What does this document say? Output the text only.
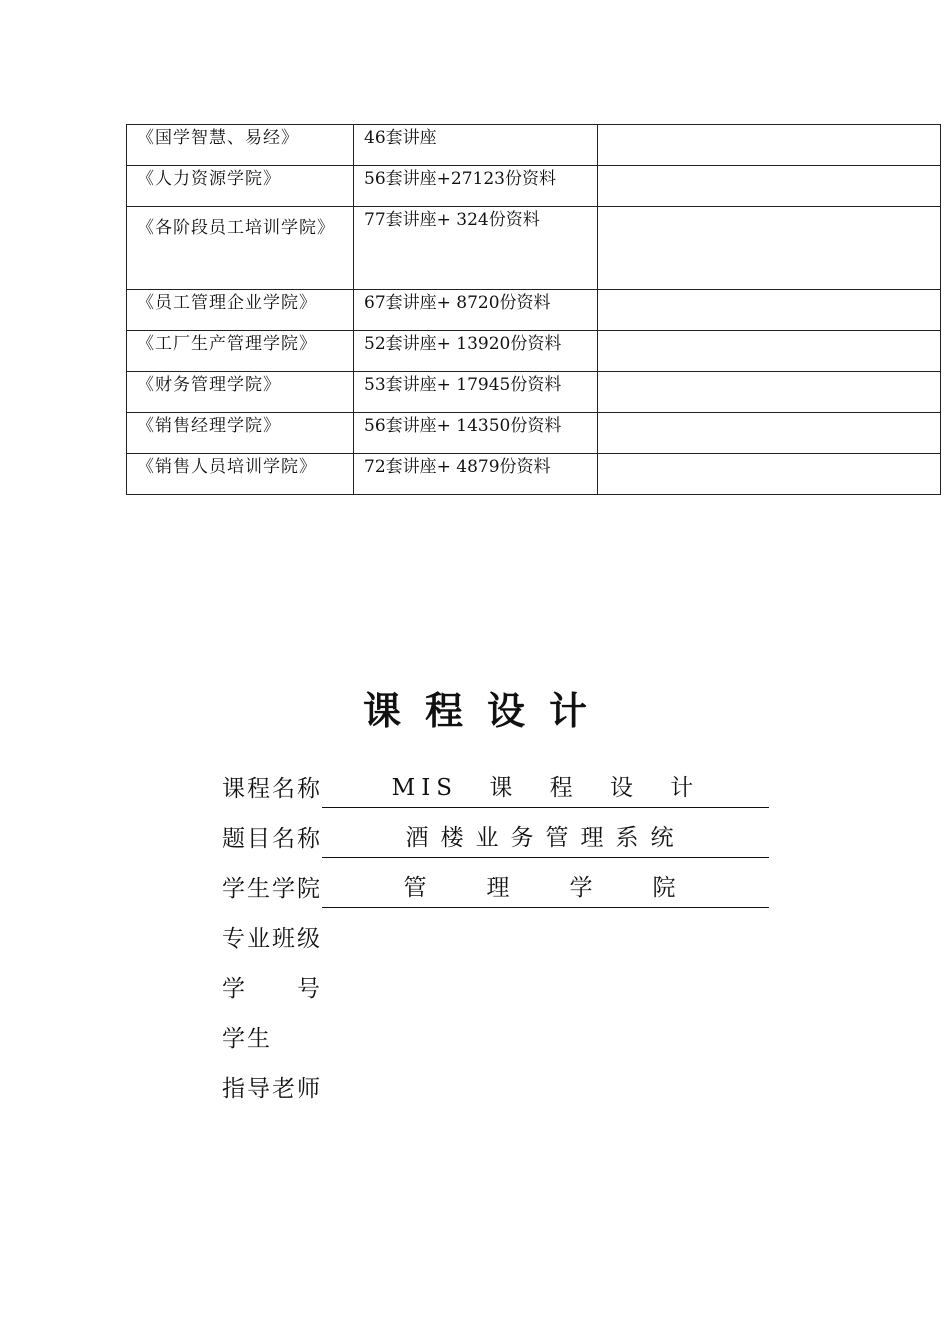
《国学智慧、易经》	46套讲座	
《人力资源学院》	56套讲座+27123份资料	
《各阶段员工培训学院》	77套讲座+ 324份资料	
《员工管理企业学院》	67套讲座+ 8720份资料	
《工厂生产管理学院》	52套讲座+ 13920份资料	
《财务管理学院》	53套讲座+ 17945份资料	
《销售经理学院》	56套讲座+ 14350份资料	
《销售人员培训学院》	72套讲座+ 4879份资料	
课程设计
课程名称	MIS 课 程 设 计
题目名称	酒楼业务管理系统
学生学院	管理学院
专业班级
学 号
学生
指导老师
